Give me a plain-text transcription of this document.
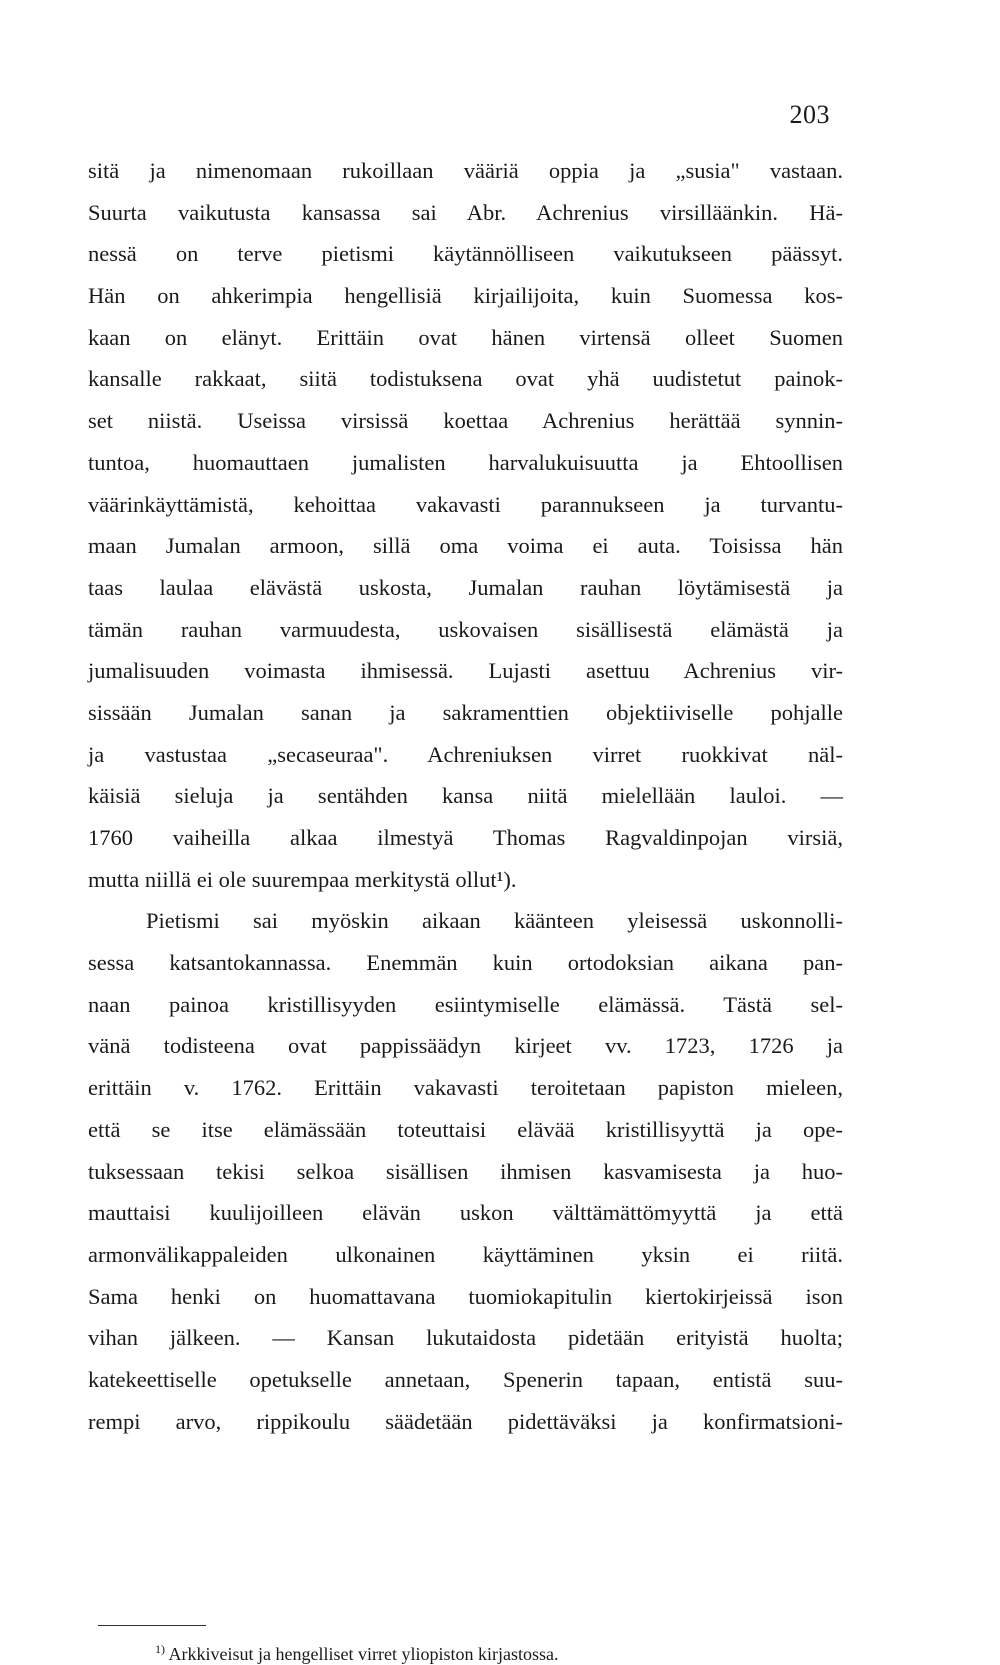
203
sitä ja nimenomaan rukoillaan vääriä oppia ja „susia" vastaan.
Suurta vaikutusta kansassa sai Abr. Achrenius virsilläänkin. Hä-
nessä on terve pietismi käytännölliseen vaikutukseen päässyt.
Hän on ahkerimpia hengellisiä kirjailijoita, kuin Suomessa kos-
kaan on elänyt. Erittäin ovat hänen virtensä olleet Suomen
kansalle rakkaat, siitä todistuksena ovat yhä uudistetut painok-
set niistä. Useissa virsissä koettaa Achrenius herättää synnin-
tuntoa, huomauttaen jumalisten harvalukuisuutta ja Ehtoollisen
väärinkäyttämistä, kehoittaa vakavasti parannukseen ja turvantu-
maan Jumalan armoon, sillä oma voima ei auta. Toisissa hän
taas laulaa elävästä uskosta, Jumalan rauhan löytämisestä ja
tämän rauhan varmuudesta, uskovaisen sisällisestä elämästä ja
jumalisuuden voimasta ihmisessä. Lujasti asettuu Achrenius vir-
sissään Jumalan sanan ja sakramenttien objektiiviselle pohjalle
ja vastustaa „secaseuraa". Achreniuksen virret ruokkivat näl-
käisiä sieluja ja sentähden kansa niitä mielellään lauloi. —
1760 vaiheilla alkaa ilmestyä Thomas Ragvaldinpojan virsiä,
mutta niillä ei ole suurempaa merkitystä ollut¹).
Pietismi sai myöskin aikaan käänteen yleisessä uskonnolli-
sessa katsantokannassa. Enemmän kuin ortodoksian aikana pan-
naan painoa kristillisyyden esiintymiselle elämässä. Tästä sel-
vänä todisteena ovat pappissäädyn kirjeet vv. 1723, 1726 ja
erittäin v. 1762. Erittäin vakavasti teroitetaan papiston mieleen,
että se itse elämässään toteuttaisi elävää kristillisyyttä ja ope-
tuksessaan tekisi selkoa sisällisen ihmisen kasvamisesta ja huo-
mauttaisi kuulijoilleen elävän uskon välttämättömyyttä ja että
armonvälikappaleiden ulkonainen käyttäminen yksin ei riitä.
Sama henki on huomattavana tuomiokapitulin kiertokirjeissä ison
vihan jälkeen. — Kansan lukutaidosta pidetään erityistä huolta;
katekeettiselle opetukselle annetaan, Spenerin tapaan, entistä suu-
rempi arvo, rippikoulu säädetään pidettäväksi ja konfirmatsioni-
$^{1)}$ Arkkiveisut ja hengelliset virret yliopiston kirjastossa.
